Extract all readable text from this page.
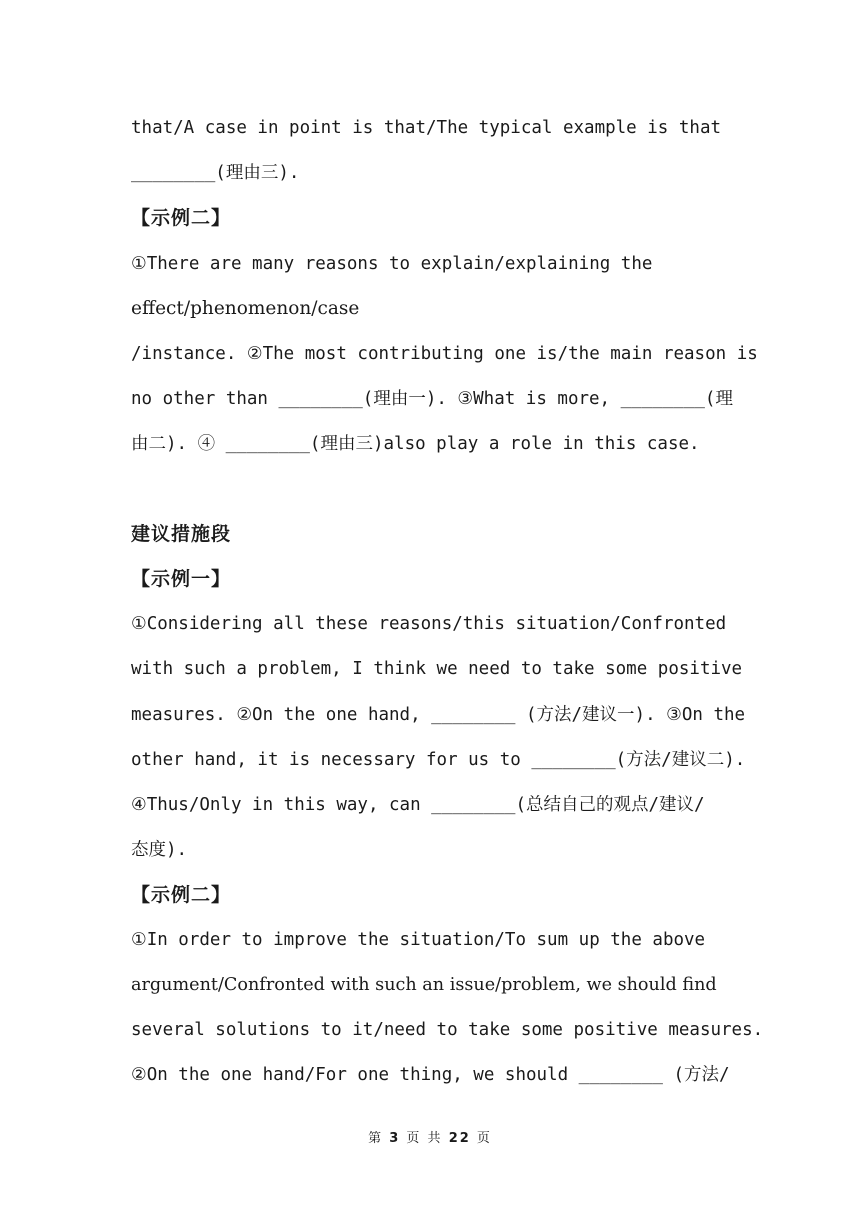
that/A case in point is that/The typical example is that
________(理由三).
【示例二】
①There are many reasons to explain/explaining the
effect/phenomenon/case
/instance. ②The most contributing one is/the main reason is
no other than ________(理由一). ③What is more, ________(理
由二). ④ ________(理由三)also play a role in this case.
建议措施段
【示例一】
①Considering all these reasons/this situation/Confronted
with such a problem, I think we need to take some positive
measures. ②On the one hand, ________ (方法/建议一). ③On the
other hand, it is necessary for us to ________(方法/建议二).
④Thus/Only in this way, can ________(总结自己的观点/建议/
态度).
【示例二】
①In order to improve the situation/To sum up the above
argument/Confronted with such an issue/problem, we should find
several solutions to it/need to take some positive measures.
②On the one hand/For one thing, we should ________ (方法/
第 3 页 共 22 页
